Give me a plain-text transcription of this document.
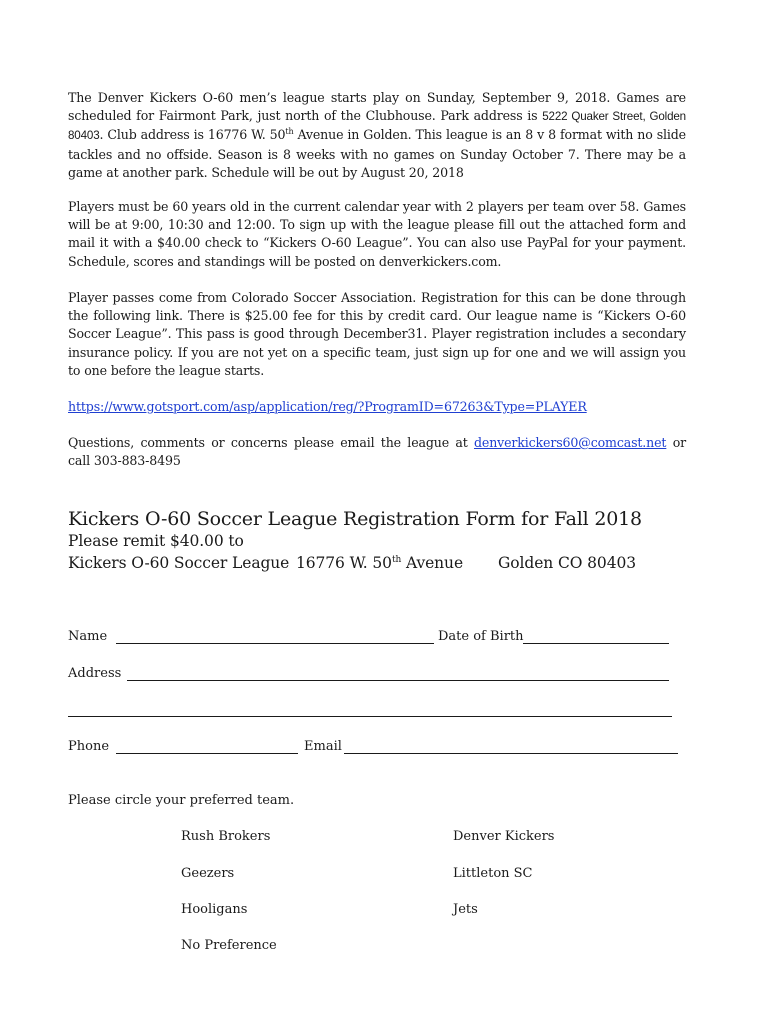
The Denver Kickers O-60 men’s league starts play on Sunday, September 9, 2018. Games are scheduled for Fairmont Park, just north of the Clubhouse. Park address is 5222 Quaker Street, Golden 80403. Club address is 16776 W. 50th Avenue in Golden. This league is an 8 v 8 format with no slide tackles and no offside. Season is 8 weeks with no games on Sunday October 7. There may be a game at another park. Schedule will be out by August 20, 2018
Players must be 60 years old in the current calendar year with 2 players per team over 58. Games will be at 9:00, 10:30 and 12:00. To sign up with the league please fill out the attached form and mail it with a $40.00 check to “Kickers O-60 League”. You can also use PayPal for your payment. Schedule, scores and standings will be posted on denverkickers.com.
Player passes come from Colorado Soccer Association. Registration for this can be done through the following link. There is $25.00 fee for this by credit card. Our league name is “Kickers O-60 Soccer League”. This pass is good through December31. Player registration includes a secondary insurance policy. If you are not yet on a specific team, just sign up for one and we will assign you to one before the league starts.
https://www.gotsport.com/asp/application/reg/?ProgramID=67263&Type=PLAYER
Questions, comments or concerns please email the league at denverkickers60@comcast.net or call 303-883-8495
Kickers O-60 Soccer League Registration Form for Fall 2018
Please remit $40.00 to
Kickers O-60 Soccer League 16776 W. 50th Avenue Golden CO 80403
Name	Date of Birth
Address
Phone	Email
Please circle your preferred team.
Rush Brokers	Denver Kickers
Geezers	Littleton SC
Hooligans	Jets
No Preference
